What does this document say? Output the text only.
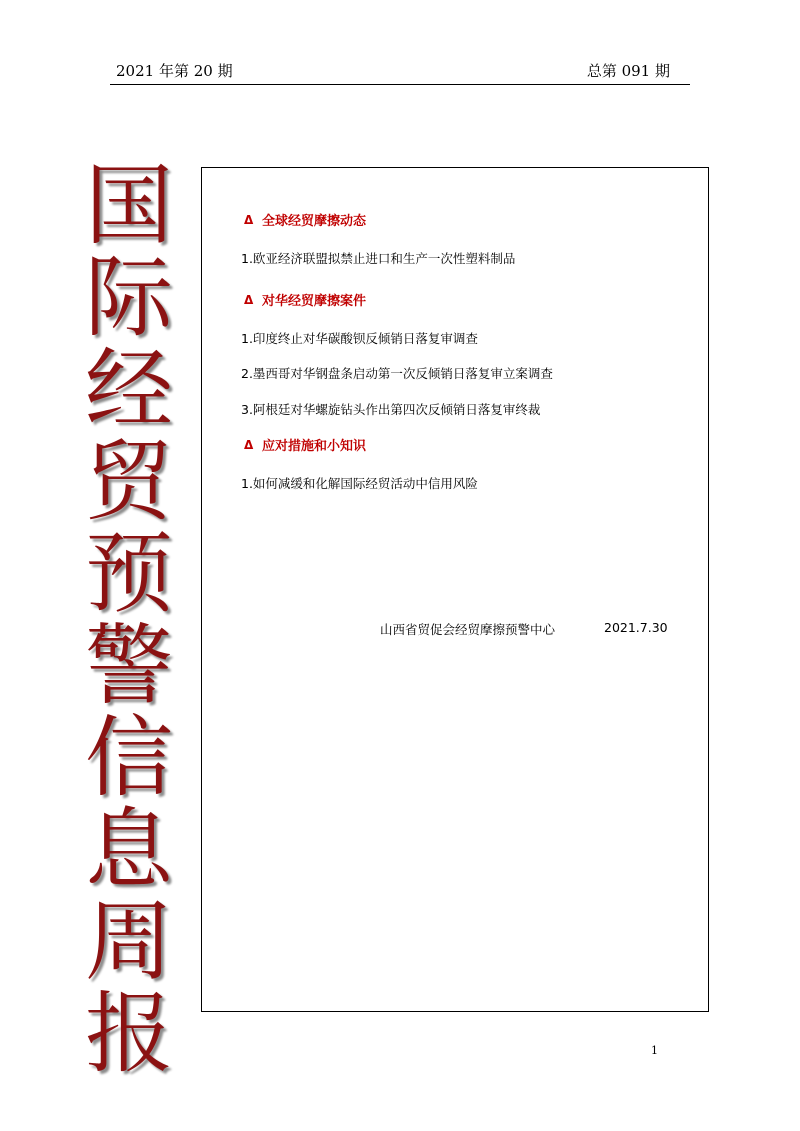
2021 年第 20 期	总第 091 期
国
际
经
贸
预
警
信
息
周
报
Δ 全球经贸摩擦动态
1.欧亚经济联盟拟禁止进口和生产一次性塑料制品
Δ 对华经贸摩擦案件
1.印度终止对华碳酸钡反倾销日落复审调查
2.墨西哥对华钢盘条启动第一次反倾销日落复审立案调查
3.阿根廷对华螺旋钻头作出第四次反倾销日落复审终裁
Δ 应对措施和小知识
1.如何减缓和化解国际经贸活动中信用风险
山西省贸促会经贸摩擦预警中心	2021.7.30
1
